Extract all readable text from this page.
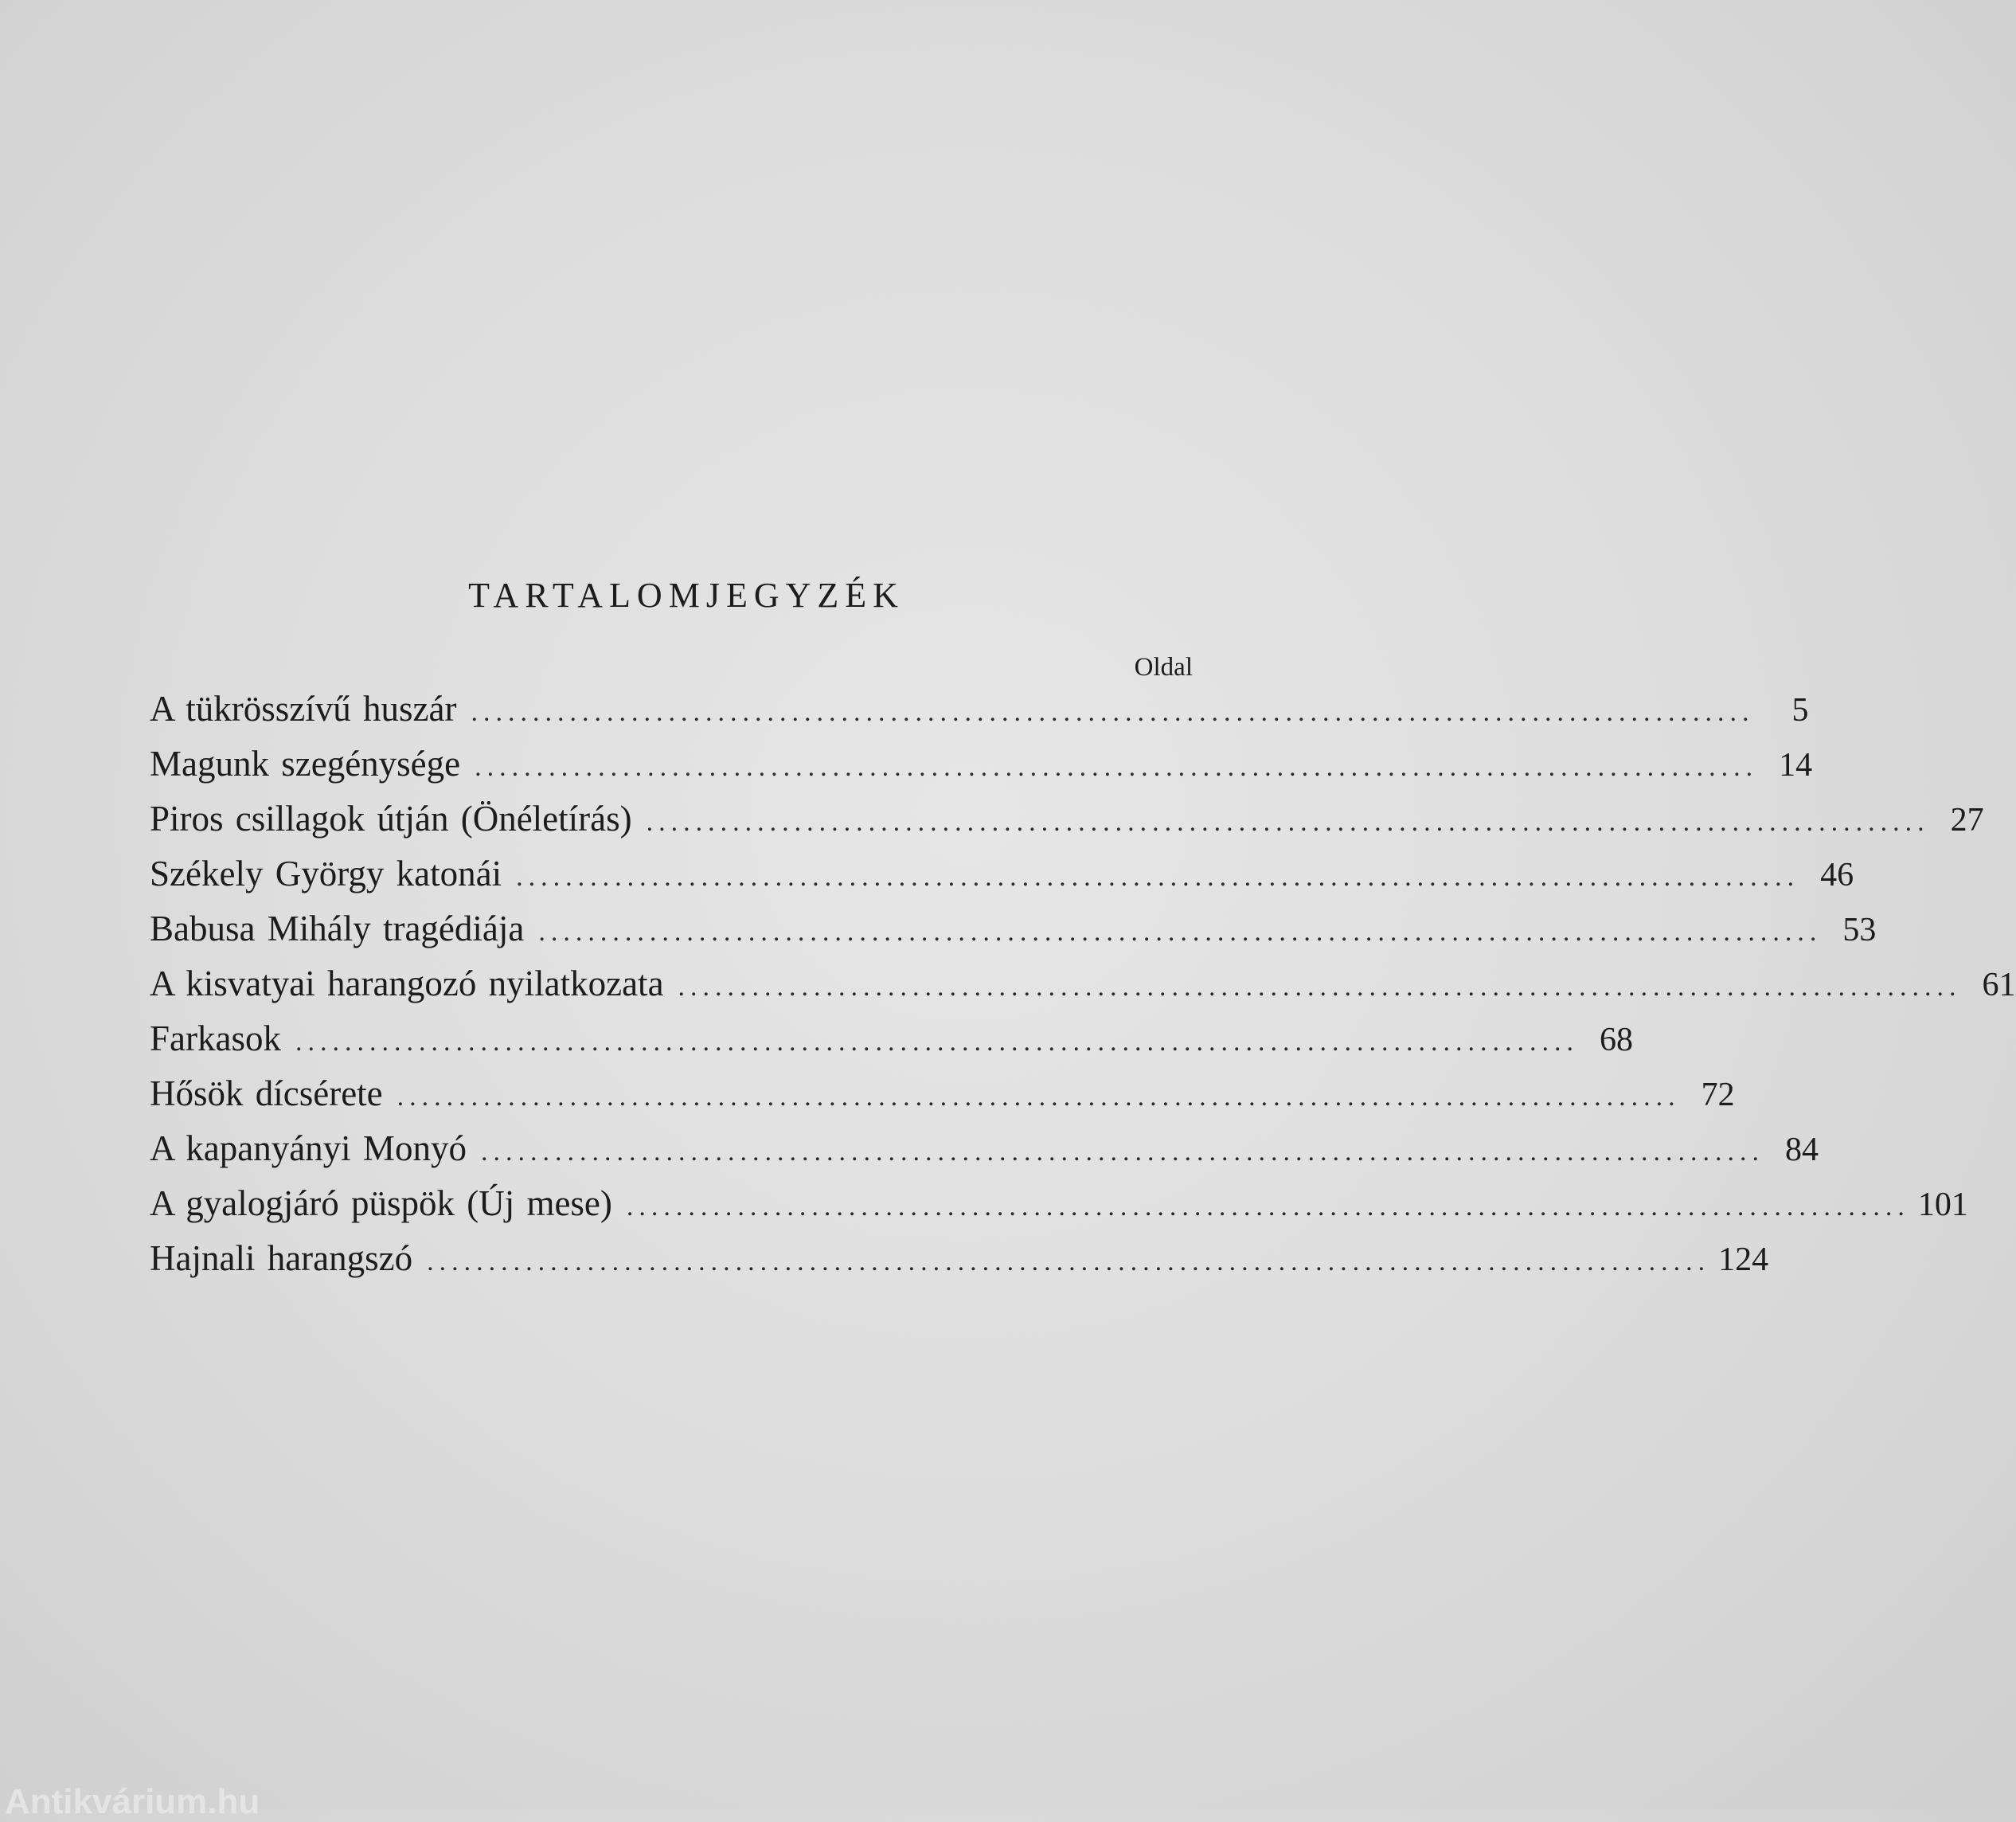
TARTALOMJEGYZÉK
Oldal
A tükrösszívű huszár ........................................................................................................	5
Magunk szegénysége ........................................................................................................ 14
Piros csillagok útján (Önéletírás) ........................................................................................................ 27
Székely György katonái ........................................................................................................ 46
Babusa Mihály tragédiája ........................................................................................................ 53
A kisvatyai harangozó nyilatkozata ........................................................................................................ 61
Farkasok ........................................................................................................ 68
Hősök dícsérete ........................................................................................................ 72
A kapanyányi Monyó ........................................................................................................ 84
A gyalogjáró püspök (Új mese) ........................................................................................................ 101
Hajnali harangszó ........................................................................................................ 124
Antikvárium.hu
